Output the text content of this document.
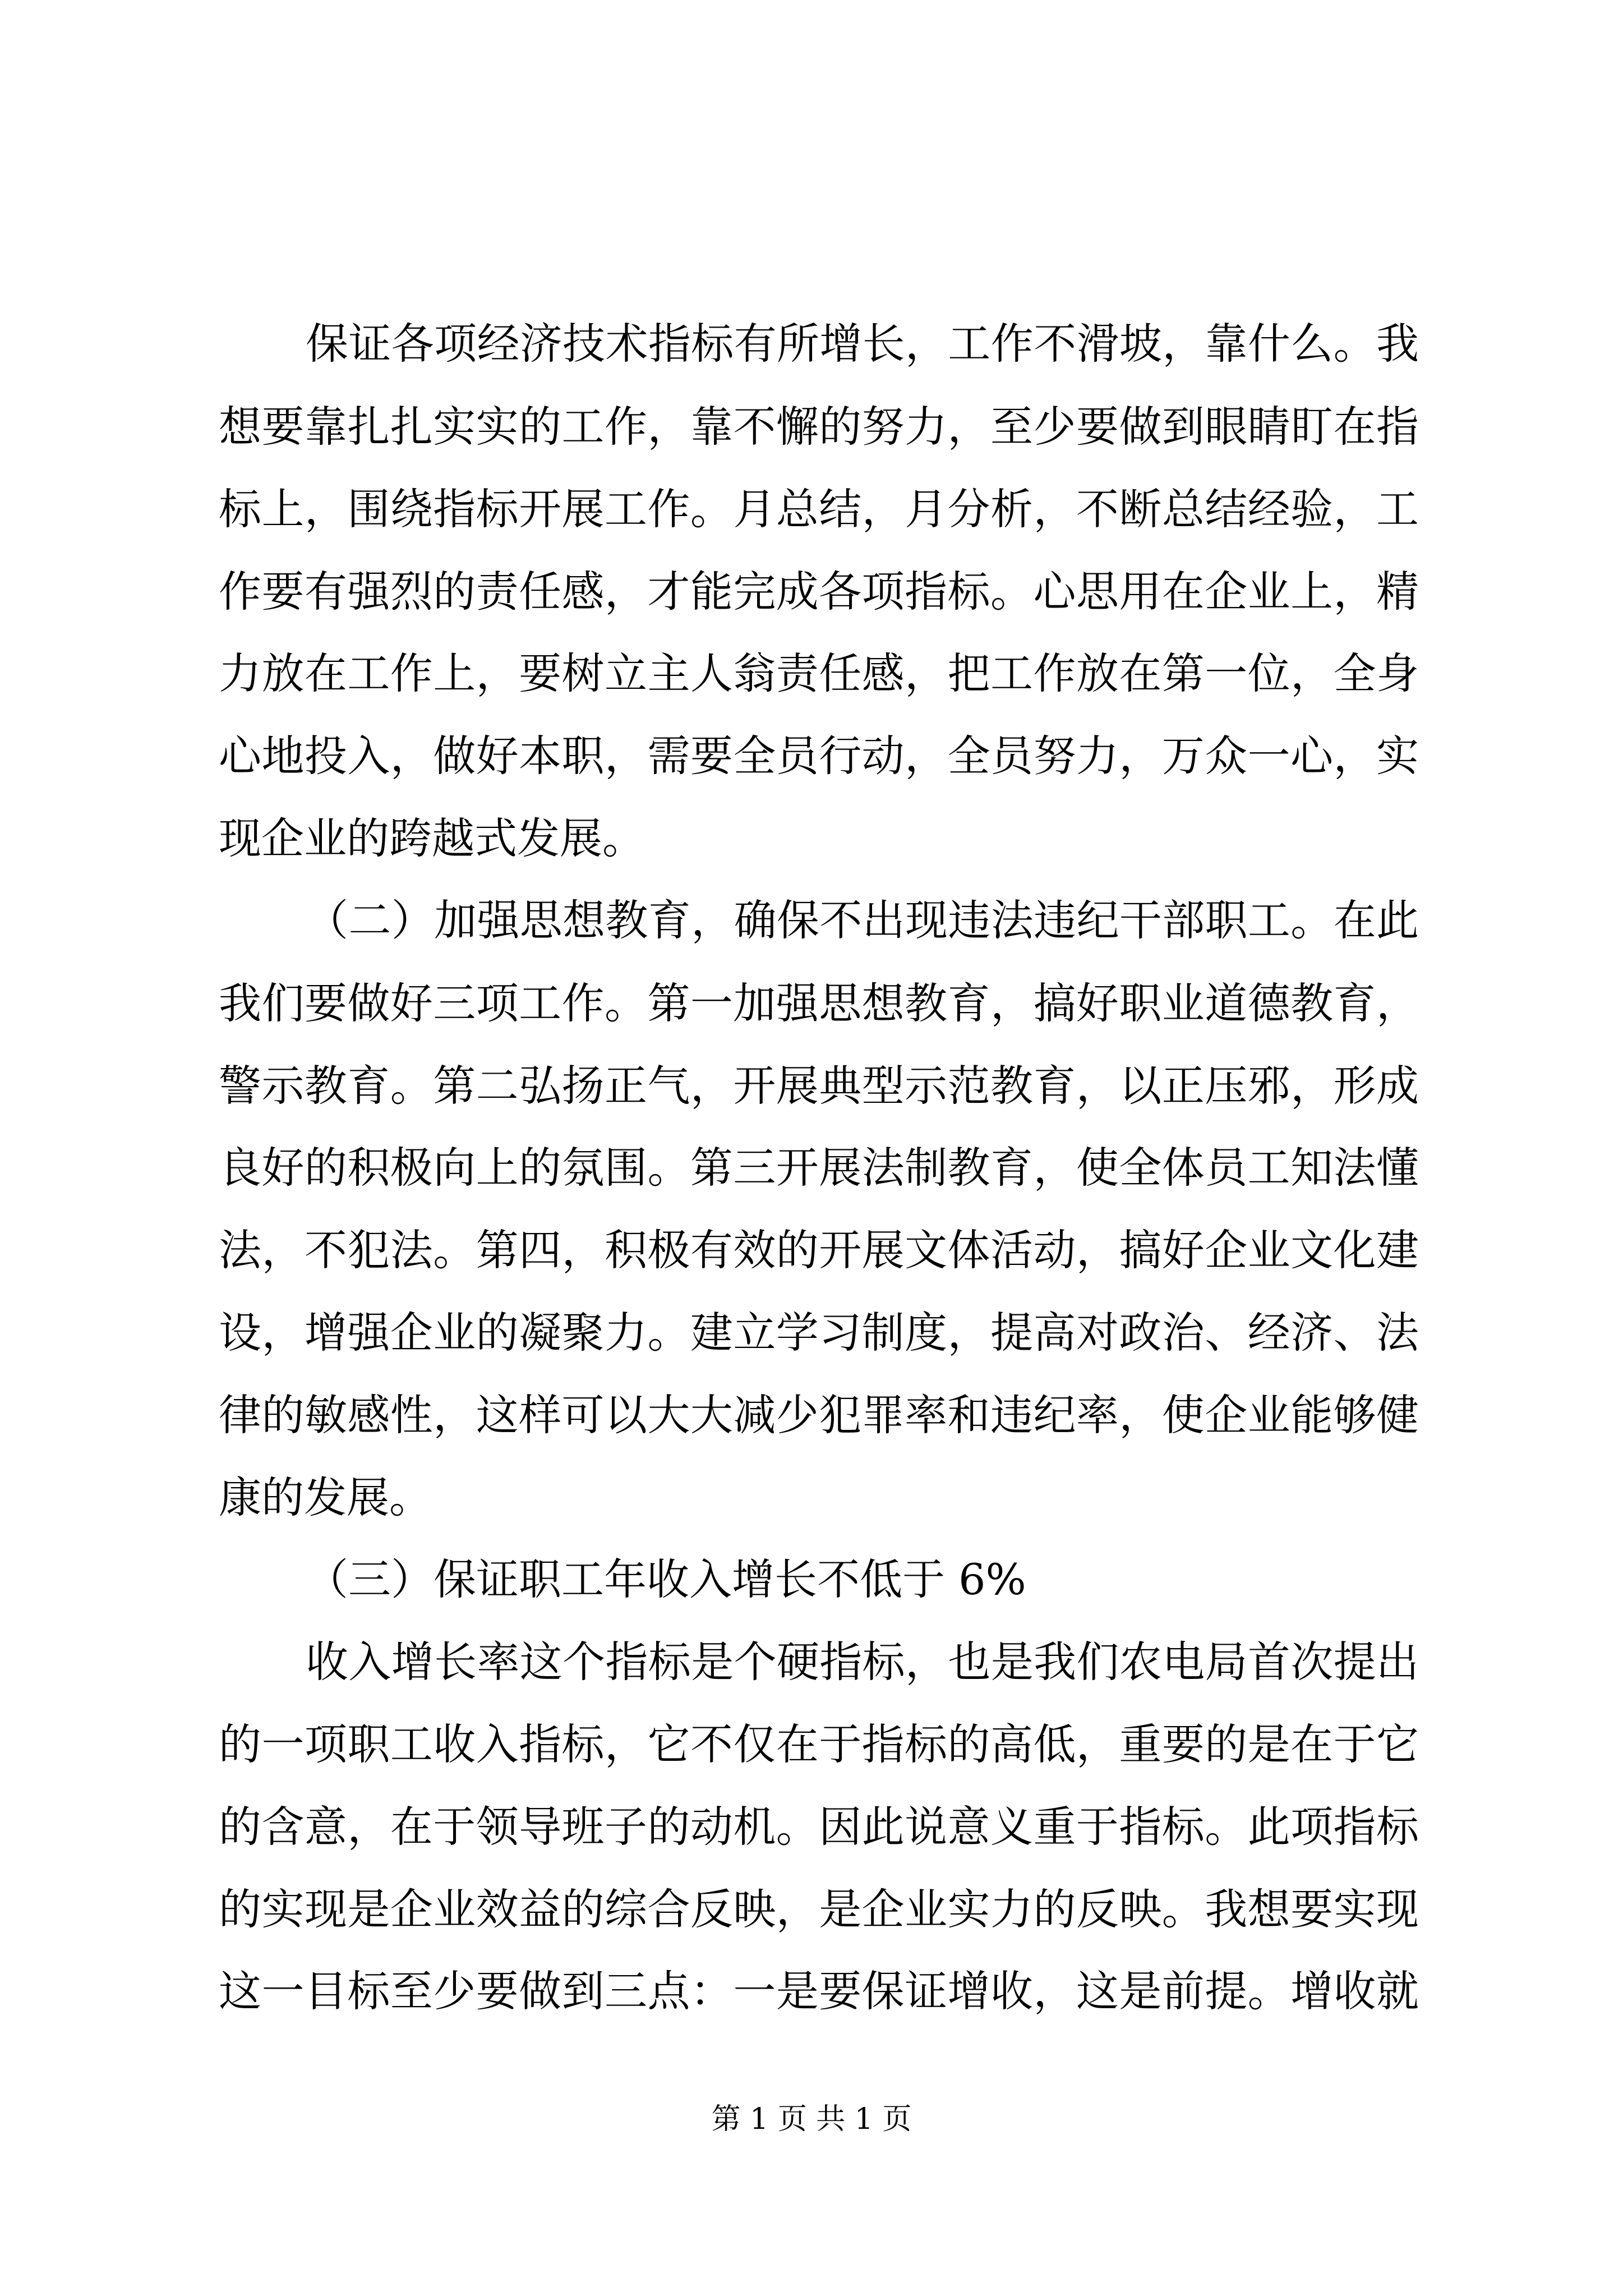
保证各项经济技术指标有所增长，工作不滑坡，靠什么。我
想要靠扎扎实实的工作，靠不懈的努力，至少要做到眼睛盯在指
标上，围绕指标开展工作。月总结，月分析，不断总结经验，工
作要有强烈的责任感，才能完成各项指标。心思用在企业上，精
力放在工作上，要树立主人翁责任感，把工作放在第一位，全身
心地投入，做好本职，需要全员行动，全员努力，万众一心，实
现企业的跨越式发展。
（二）加强思想教育，确保不出现违法违纪干部职工。在此
我们要做好三项工作。第一加强思想教育，搞好职业道德教育，
警示教育。第二弘扬正气，开展典型示范教育，以正压邪，形成
良好的积极向上的氛围。第三开展法制教育，使全体员工知法懂
法，不犯法。第四，积极有效的开展文体活动，搞好企业文化建
设，增强企业的凝聚力。建立学习制度，提高对政治、经济、法
律的敏感性，这样可以大大减少犯罪率和违纪率，使企业能够健
康的发展。
（三）保证职工年收入增长不低于 6%
收入增长率这个指标是个硬指标，也是我们农电局首次提出
的一项职工收入指标，它不仅在于指标的高低，重要的是在于它
的含意，在于领导班子的动机。因此说意义重于指标。此项指标
的实现是企业效益的综合反映，是企业实力的反映。我想要实现
这一目标至少要做到三点：一是要保证增收，这是前提。增收就
第 1 页 共 1 页
